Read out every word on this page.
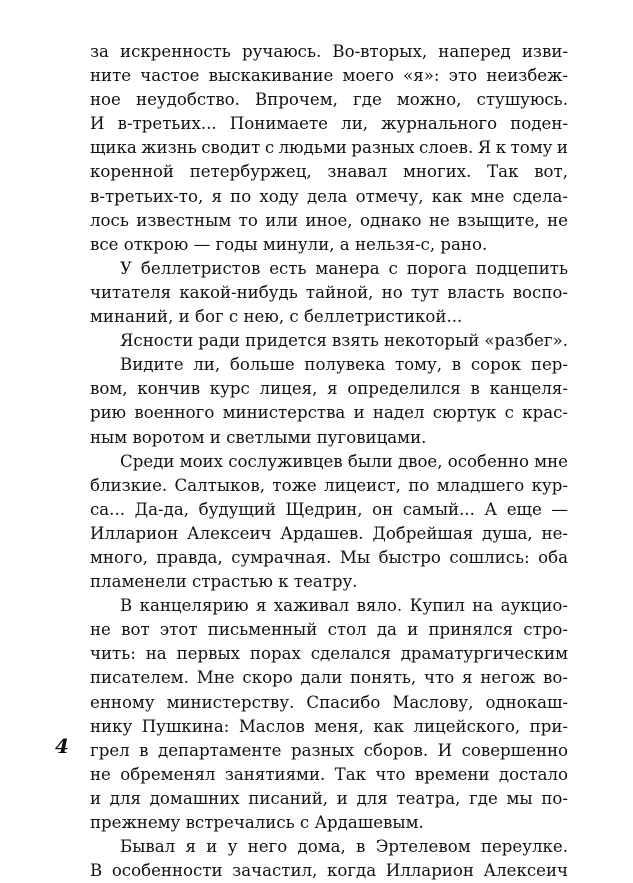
за искренность ручаюсь. Во-вторых, наперед изви-
ните частое выскакивание моего «я»: это неизбеж-
ное неудобство. Впрочем, где можно, стушуюсь.
И в-третьих... Понимаете ли, журнального поден-
щика жизнь сводит с людьми разных слоев. Я к тому и
коренной петербуржец, знавал многих. Так вот,
в-третьих-то, я по ходу дела отмечу, как мне сдела-
лось известным то или иное, однако не взыщите, не
все открою — годы минули, а нельзя-с, рано.
У беллетристов есть манера с порога подцепить
читателя какой-нибудь тайной, но тут власть воспо-
минаний, и бог с нею, с беллетристикой...
Ясности ради придется взять некоторый «разбег».
Видите ли, больше полувека тому, в сорок пер-
вом, кончив курс лицея, я определился в канцеля-
рию военного министерства и надел сюртук с крас-
ным воротом и светлыми пуговицами.
Среди моих сослуживцев были двое, особенно мне
близкие. Салтыков, тоже лицеист, по младшего кур-
са... Да-да, будущий Щедрин, он самый... А еще —
Илларион Алексеич Ардашев. Добрейшая душа, не-
много, правда, сумрачная. Мы быстро сошлись: оба
пламенели страстью к театру.
В канцелярию я хаживал вяло. Купил на аукцио-
не вот этот письменный стол да и принялся стро-
чить: на первых порах сделался драматургическим
писателем. Мне скоро дали понять, что я негож во-
енному министерству. Спасибо Маслову, однокаш-
нику Пушкина: Маслов меня, как лицейского, при-
грел в департаменте разных сборов. И совершенно
не обременял занятиями. Так что времени достало
и для домашних писаний, и для театра, где мы по-
прежнему встречались с Ардашевым.
Бывал я и у него дома, в Эртелевом переулке.
В особенности зачастил, когда Илларион Алексеич
4
